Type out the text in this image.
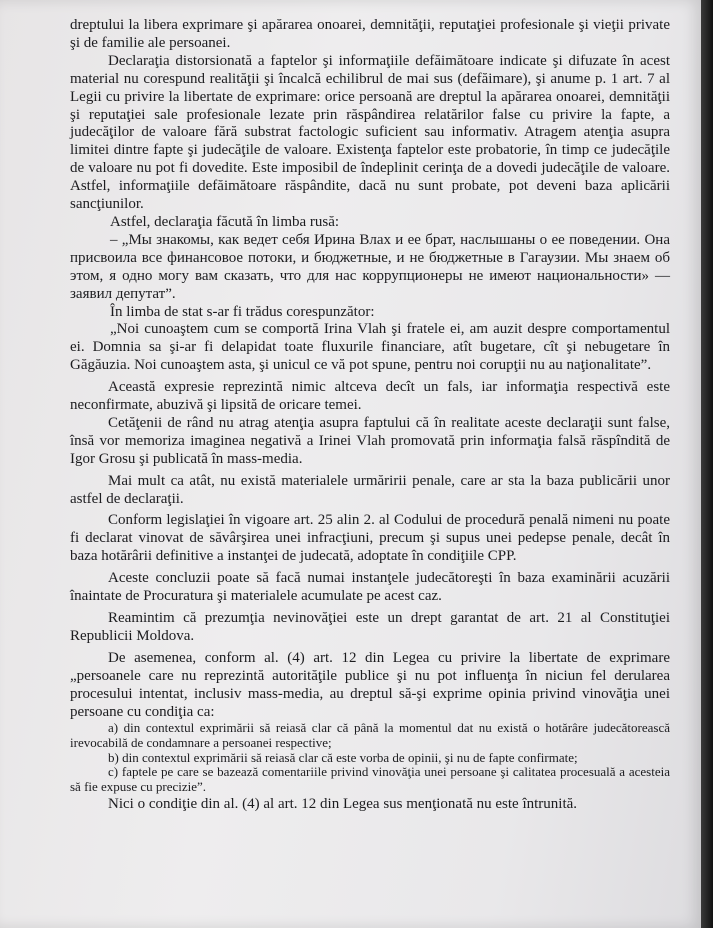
dreptului la libera exprimare şi apărarea onoarei, demnităţii, reputaţiei profesionale şi vieţii private şi de familie ale persoanei.

Declaraţia distorsionată a faptelor şi informaţiile defăimătoare indicate şi difuzate în acest material nu corespund realităţii şi încalcă echilibrul de mai sus (defăimare), şi anume p. 1 art. 7 al Legii cu privire la libertate de exprimare: orice persoană are dreptul la apărarea onoarei, demnităţii şi reputaţiei sale profesionale lezate prin răspândirea relatărilor false cu privire la fapte, a judecăţilor de valoare fără substrat factologic suficient sau informativ. Atragem atenţia asupra limitei dintre fapte şi judecăţile de valoare. Existenţa faptelor este probatorie, în timp ce judecăţile de valoare nu pot fi dovedite. Este imposibil de îndeplinit cerinţa de a dovedi judecăţile de valoare. Astfel, informaţiile defăimătoare răspândite, dacă nu sunt probate, pot deveni baza aplicării sancţiunilor.

Astfel, declaraţia făcută în limba rusă:

– „Мы знакомы, как ведет себя Ирина Влах и ее брат, наслышаны о ее поведении. Она присвоила все финансовое потоки, и бюджетные, и не бюджетные в Гагаузии. Мы знаем об этом, я одно могу вам сказать, что для нас коррупционеры не имеют национальности» — заявил депутат”.

În limba de stat s-ar fi trădus corespunzător:

„Noi cunoaştem cum se comportă Irina Vlah şi fratele ei, am auzit despre comportamentul ei. Domnia sa şi-ar fi delapidat toate fluxurile financiare, atît bugetare, cît şi nebugetare în Găgăuzia. Noi cunoaştem asta, şi unicul ce vă pot spune, pentru noi corupţii nu au naţionalitate”.

Această expresie reprezintă nimic altceva decît un fals, iar informaţia respectivă este neconfirmate, abuzivă şi lipsită de oricare temei.

Cetăţenii de rând nu atrag atenţia asupra faptului că în realitate aceste declaraţii sunt false, însă vor memoriza imaginea negativă a Irinei Vlah promovată prin informaţia falsă răspîndită de Igor Grosu şi publicată în mass-media.

Mai mult ca atât, nu există materialele urmăririi penale, care ar sta la baza publicării unor astfel de declaraţii.

Conform legislaţiei în vigoare art. 25 alin 2. al Codului de procedură penală nimeni nu poate fi declarat vinovat de săvârşirea unei infracţiuni, precum şi supus unei pedepse penale, decât în baza hotărârii definitive a instanţei de judecată, adoptate în condiţiile CPP.

Aceste concluzii poate să facă numai instanţele judecătoreşti în baza examinării acuzării înaintate de Procuratura şi materialele acumulate pe acest caz.

Reamintim că prezumţia nevinovăţiei este un drept garantat de art. 21 al Constituţiei Republicii Moldova.

De asemenea, conform al. (4) art. 12 din Legea cu privire la libertate de exprimare „persoanele care nu reprezintă autorităţile publice şi nu pot influenţa în niciun fel derularea procesului intentat, inclusiv mass-media, au dreptul să-şi exprime opinia privind vinovăţia unei persoane cu condiţia ca:

a) din contextul exprimării să reiasă clar că până la momentul dat nu există o hotărâre judecătorească irevocabilă de condamnare a persoanei respective;

b) din contextul exprimării să reiasă clar că este vorba de opinii, şi nu de fapte confirmate;

c) faptele pe care se bazează comentariile privind vinovăţia unei persoane şi calitatea procesuală a acesteia să fie expuse cu precizie”.

Nici o condiţie din al. (4) al art. 12 din Legea sus menţionată nu este întrunită.
